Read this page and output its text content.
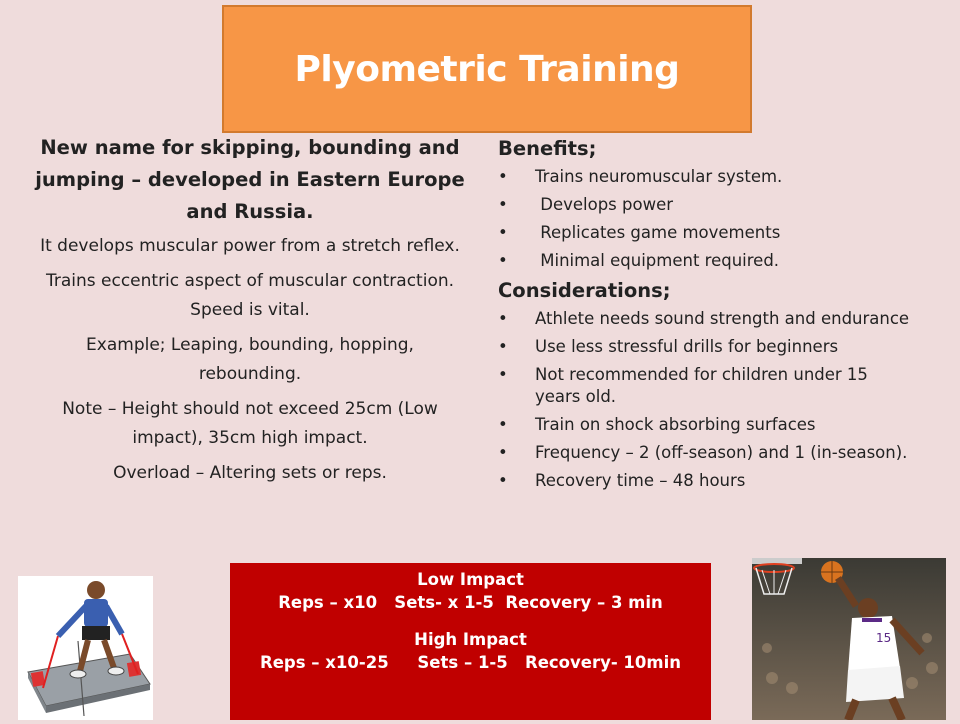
Plyometric Training

New name for skipping, bounding and jumping – developed in Eastern Europe and Russia.

It develops muscular power from a stretch reflex.

Trains eccentric aspect of muscular contraction. Speed is vital.

Example; Leaping, bounding, hopping, rebounding.

Note – Height should not exceed 25cm (Low impact), 35cm high impact.

Overload – Altering sets or reps.

Benefits;

• Trains neuromuscular system.
• Develops power
• Replicates game movements
• Minimal equipment required.

Considerations;

• Athlete needs sound strength and endurance
• Use less stressful drills for beginners
• Not recommended for children under 15 years old.
• Train on shock absorbing surfaces
• Frequency – 2 (off-season) and 1 (in-season).
• Recovery time – 48 hours
Low Impact
Reps – x10   Sets- x 1-5  Recovery – 3 min
High Impact
Reps – x10-25     Sets – 1-5   Recovery- 10min
15
